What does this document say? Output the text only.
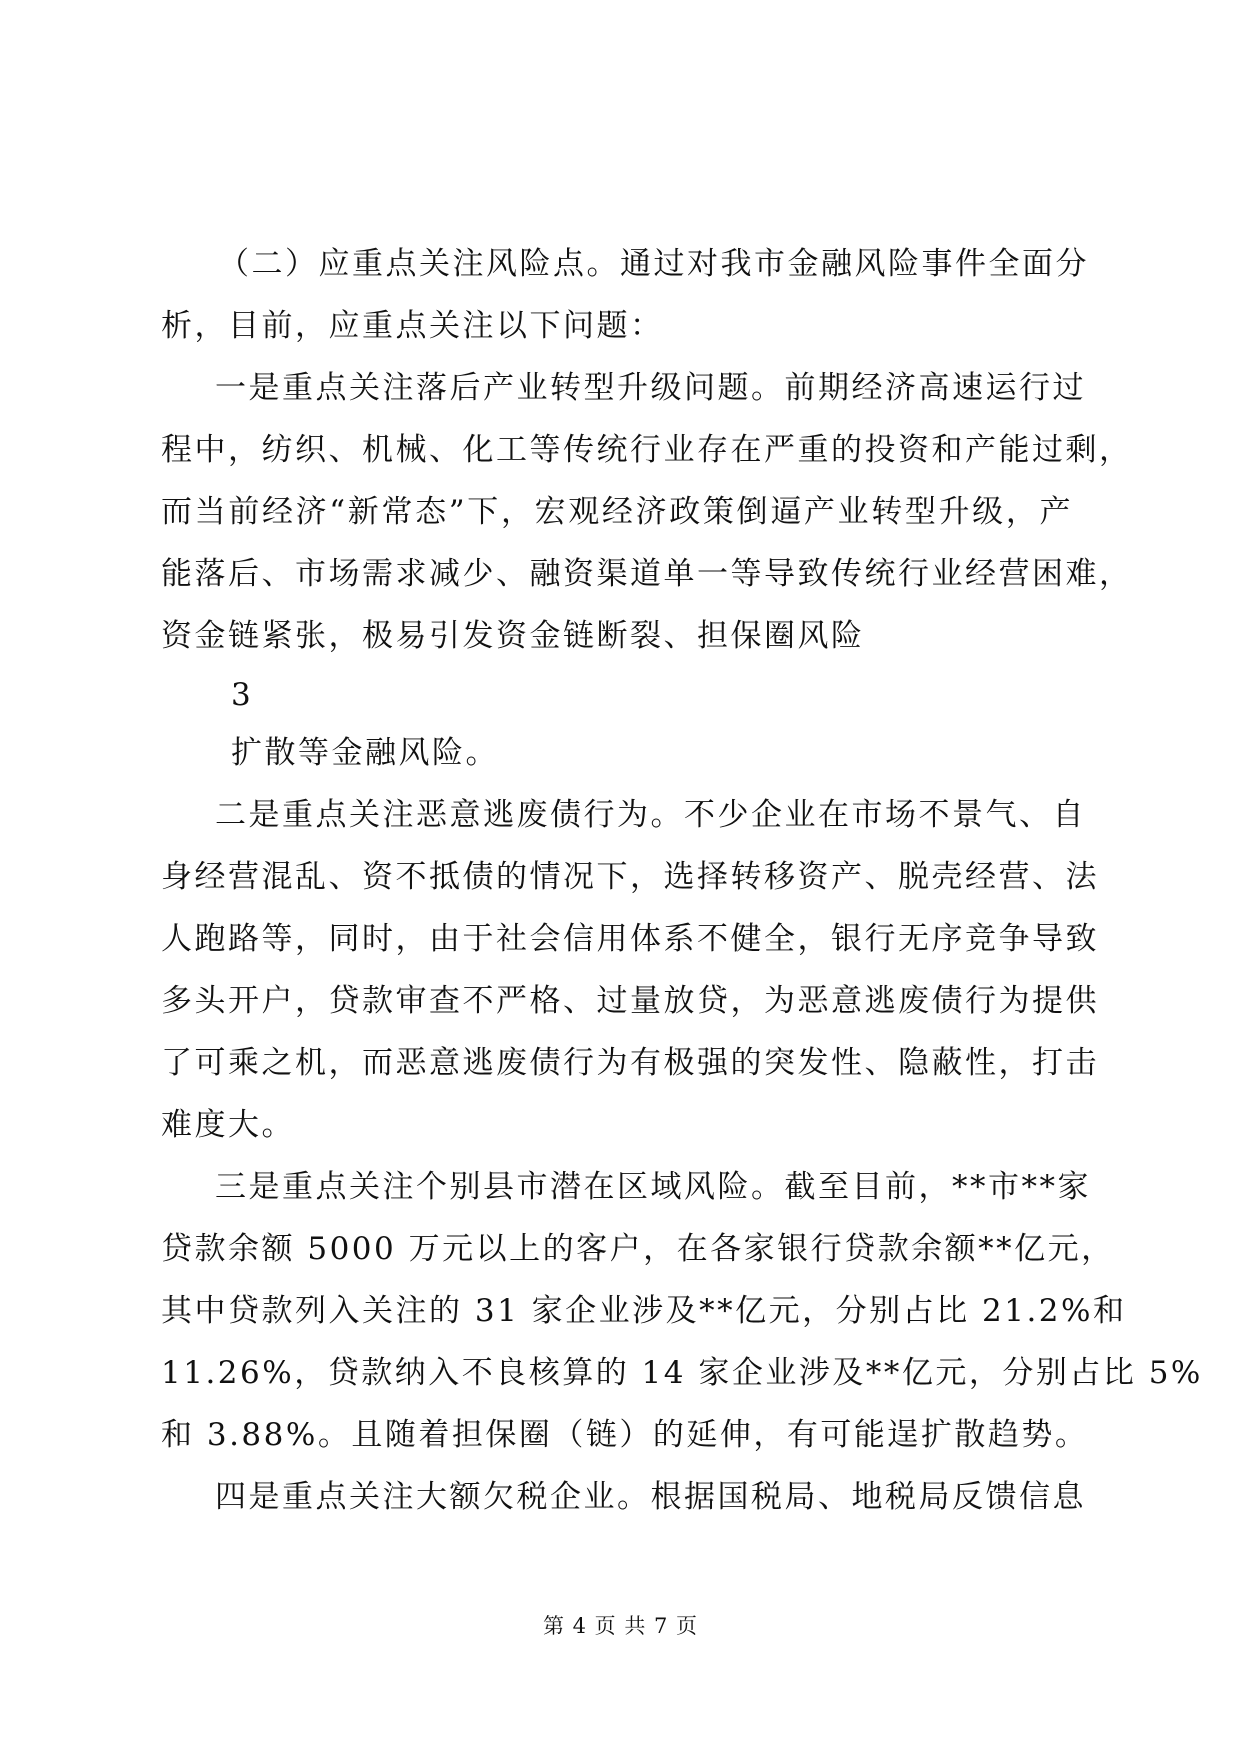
（二）应重点关注风险点。通过对我市金融风险事件全面分
析，目前，应重点关注以下问题：
一是重点关注落后产业转型升级问题。前期经济高速运行过
程中，纺织、机械、化工等传统行业存在严重的投资和产能过剩，
而当前经济“新常态”下，宏观经济政策倒逼产业转型升级，产
能落后、市场需求减少、融资渠道单一等导致传统行业经营困难，
资金链紧张，极易引发资金链断裂、担保圈风险
3
扩散等金融风险。
二是重点关注恶意逃废债行为。不少企业在市场不景气、自
身经营混乱、资不抵债的情况下，选择转移资产、脱壳经营、法
人跑路等，同时，由于社会信用体系不健全，银行无序竞争导致
多头开户，贷款审查不严格、过量放贷，为恶意逃废债行为提供
了可乘之机，而恶意逃废债行为有极强的突发性、隐蔽性，打击
难度大。
三是重点关注个别县市潜在区域风险。截至目前，**市**家
贷款余额 5000 万元以上的客户，在各家银行贷款余额**亿元，
其中贷款列入关注的 31 家企业涉及**亿元，分别占比 21.2%和
11.26%，贷款纳入不良核算的 14 家企业涉及**亿元，分别占比 5%
和 3.88%。且随着担保圈（链）的延伸，有可能逞扩散趋势。
四是重点关注大额欠税企业。根据国税局、地税局反馈信息
第 4 页 共 7 页
